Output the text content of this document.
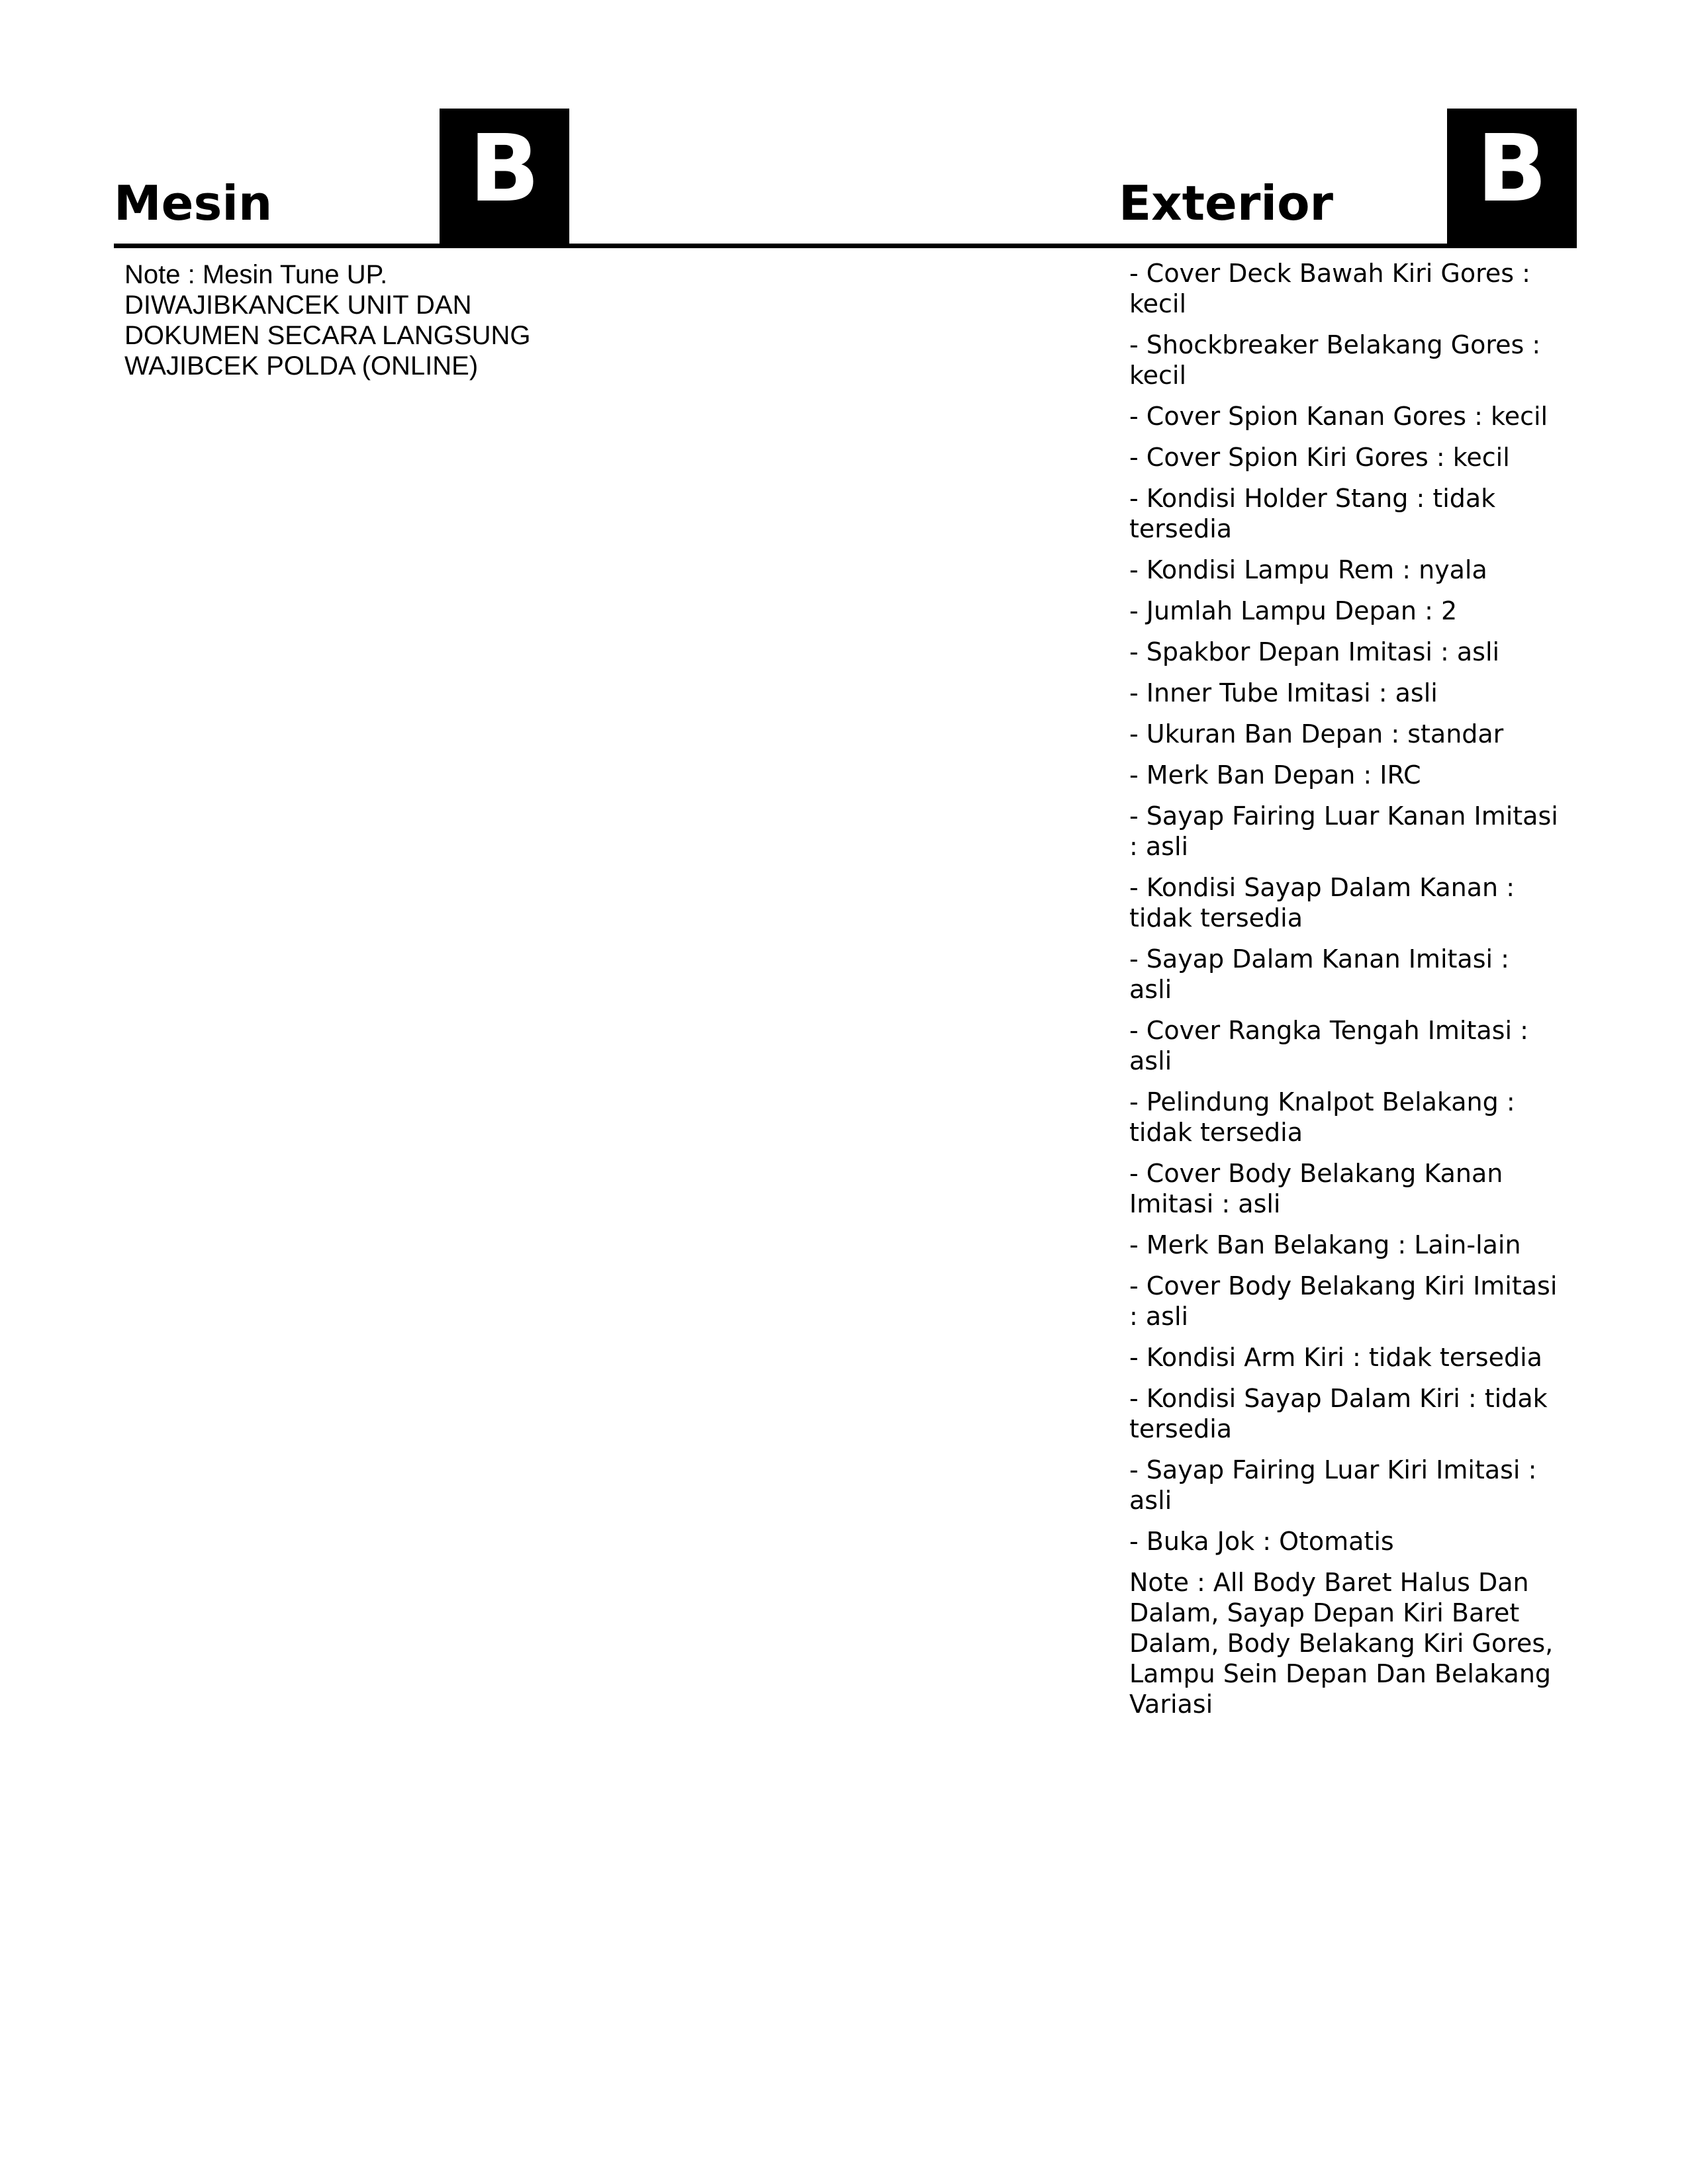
Mesin	B	Exterior	B
Note : Mesin Tune UP.
DIWAJIBKANCEK UNIT DAN
DOKUMEN SECARA LANGSUNG
WAJIBCEK POLDA (ONLINE)
- Cover Deck Bawah Kiri Gores : kecil
- Shockbreaker Belakang Gores : kecil
- Cover Spion Kanan Gores : kecil
- Cover Spion Kiri Gores : kecil
- Kondisi Holder Stang : tidak tersedia
- Kondisi Lampu Rem : nyala
- Jumlah Lampu Depan : 2
- Spakbor Depan Imitasi : asli
- Inner Tube Imitasi : asli
- Ukuran Ban Depan : standar
- Merk Ban Depan : IRC
- Sayap Fairing Luar Kanan Imitasi : asli
- Kondisi Sayap Dalam Kanan : tidak tersedia
- Sayap Dalam Kanan Imitasi : asli
- Cover Rangka Tengah Imitasi : asli
- Pelindung Knalpot Belakang : tidak tersedia
- Cover Body Belakang Kanan Imitasi : asli
- Merk Ban Belakang : Lain-lain
- Cover Body Belakang Kiri Imitasi : asli
- Kondisi Arm Kiri : tidak tersedia
- Kondisi Sayap Dalam Kiri : tidak tersedia
- Sayap Fairing Luar Kiri Imitasi : asli
- Buka Jok : Otomatis
Note : All Body Baret Halus Dan Dalam, Sayap Depan Kiri Baret Dalam, Body Belakang Kiri Gores, Lampu Sein Depan Dan Belakang Variasi
